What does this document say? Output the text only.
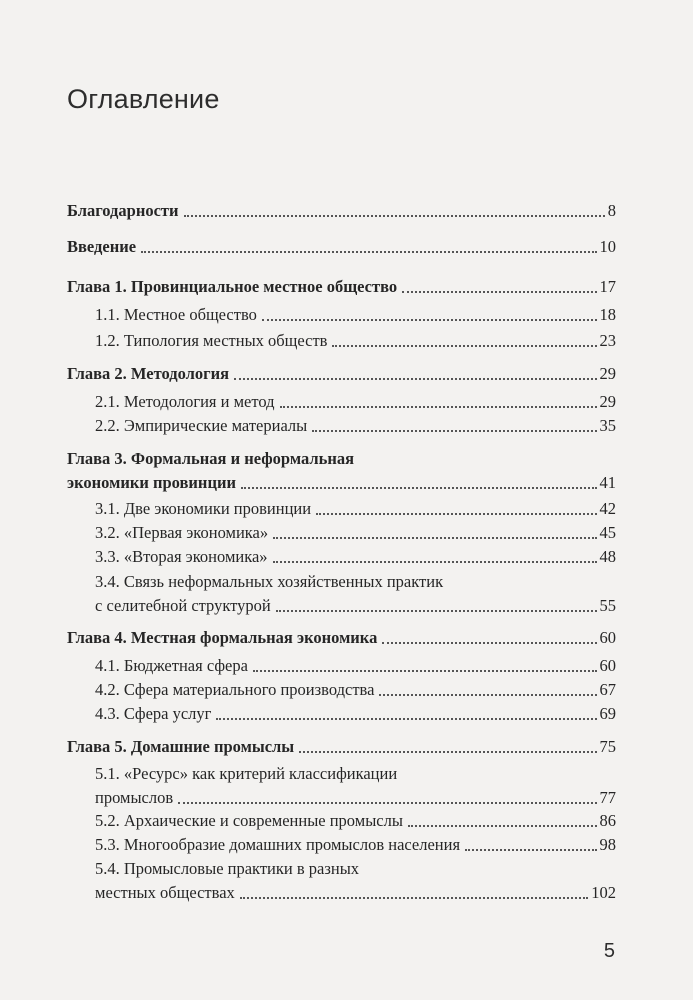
Оглавление
Благодарности	8
Введение	10
Глава 1. Провинциальное местное общество	17
1.1. Местное общество	18
1.2. Типология местных обществ	23
Глава 2. Методология	29
2.1. Методология и метод	29
2.2. Эмпирические материалы	35
Глава 3. Формальная и неформальная
экономики провинции	41
3.1. Две экономики провинции	42
3.2. «Первая экономика»	45
3.3. «Вторая экономика»	48
3.4. Связь неформальных хозяйственных практик
с селитебной структурой	55
Глава 4. Местная формальная экономика	60
4.1. Бюджетная сфера	60
4.2. Сфера материального производства	67
4.3. Сфера услуг	69
Глава 5. Домашние промыслы	75
5.1. «Ресурс» как критерий классификации
промыслов	77
5.2. Архаические и современные промыслы	86
5.3. Многообразие домашних промыслов населения	98
5.4. Промысловые практики в разных
местных обществах	102
5
